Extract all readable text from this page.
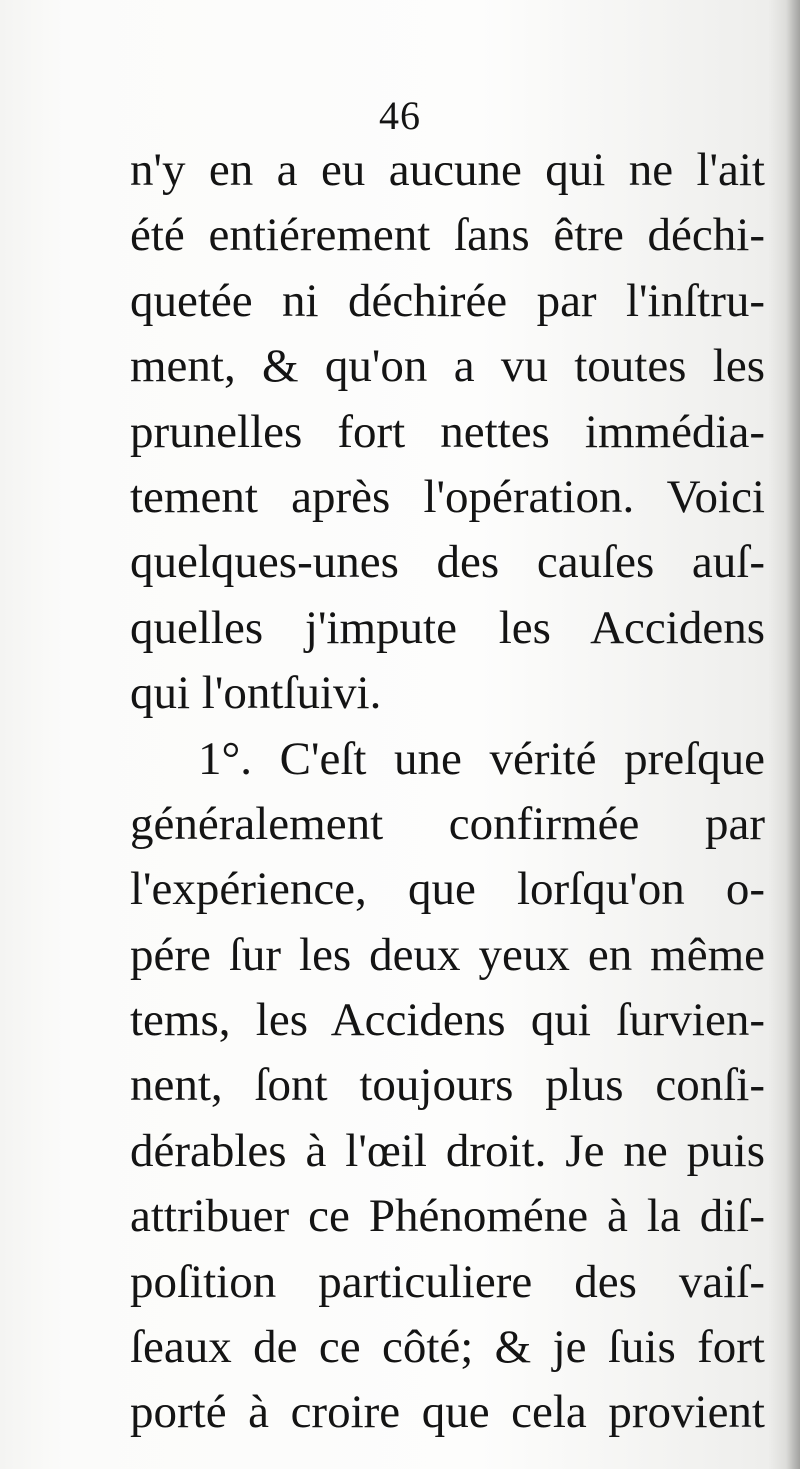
46
n'y en a eu aucune qui ne l'ait
été entiérement ſans être déchi-
quetée ni déchirée par l'inſtru-
ment, & qu'on a vu toutes les
prunelles fort nettes immédia-
tement après l'opération. Voici
quelques-unes des cauſes auſ-
quelles j'impute les Accidens
qui l'ontſuivi.
1°. C'eſt une vérité preſque
généralement confirmée par
l'expérience, que lorſqu'on o-
pére ſur les deux yeux en même
tems, les Accidens qui ſurvien-
nent, ſont toujours plus conſi-
dérables à l'œil droit. Je ne puis
attribuer ce Phénoméne à la diſ-
poſition particuliere des vaiſ-
ſeaux de ce côté; & je ſuis fort
porté à croire que cela provient
